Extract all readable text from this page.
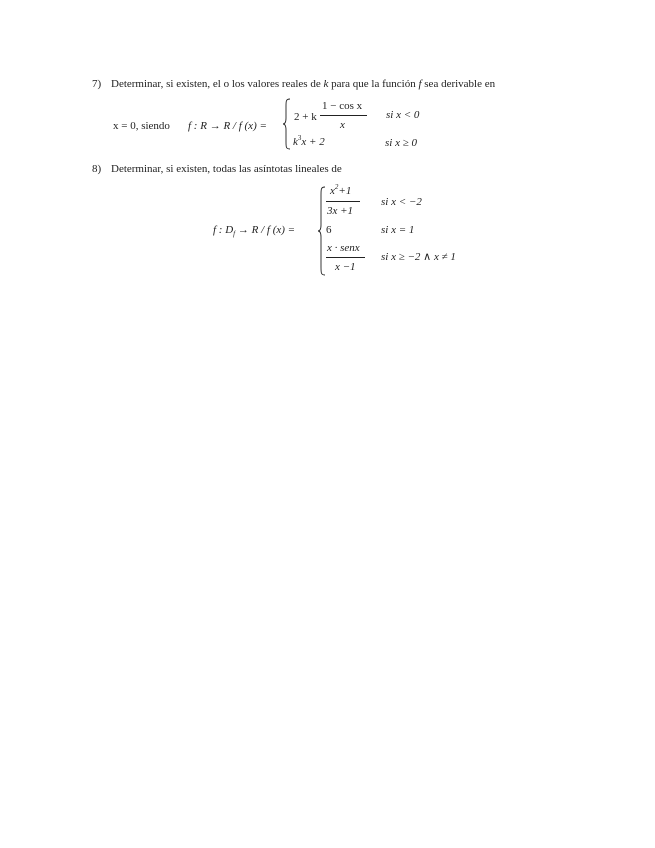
7) Determinar, si existen, el o los valores reales de k para que la función f sea derivable en
x = 0, siendo f : R → R / f (x) =
2 + k
1 − cos x
x
si x < 0
$k^3x + 2$	si x ≥ 0
8) Determinar, si existen, todas las asíntotas lineales de
f : $D_f \to R / f$ (x) =
$x^2+1$
3x +1
si x < −2
6	si x = 1
x · senx
x −1
si x ≥ −2 ∧ x ≠ 1
